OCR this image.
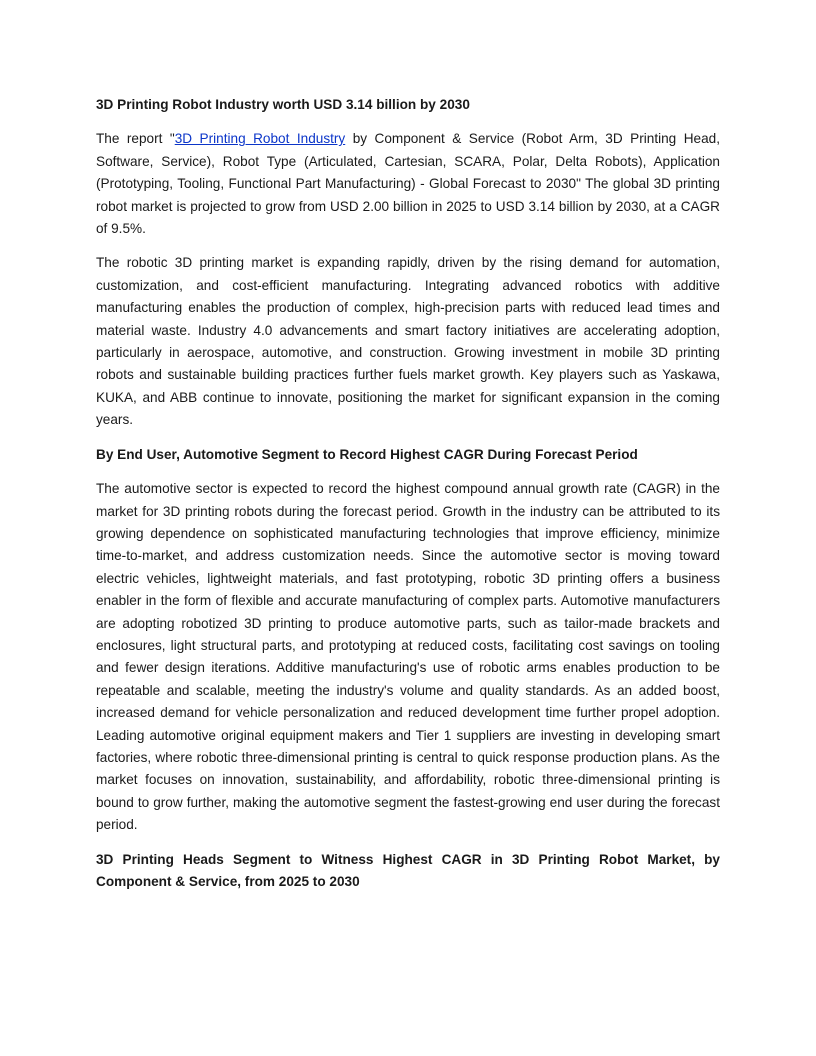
3D Printing Robot Industry worth USD 3.14 billion by 2030

The report "3D Printing Robot Industry by Component & Service (Robot Arm, 3D Printing Head, Software, Service), Robot Type (Articulated, Cartesian, SCARA, Polar, Delta Robots), Application (Prototyping, Tooling, Functional Part Manufacturing) - Global Forecast to 2030" The global 3D printing robot market is projected to grow from USD 2.00 billion in 2025 to USD 3.14 billion by 2030, at a CAGR of 9.5%.

The robotic 3D printing market is expanding rapidly, driven by the rising demand for automation, customization, and cost-efficient manufacturing. Integrating advanced robotics with additive manufacturing enables the production of complex, high-precision parts with reduced lead times and material waste. Industry 4.0 advancements and smart factory initiatives are accelerating adoption, particularly in aerospace, automotive, and construction. Growing investment in mobile 3D printing robots and sustainable building practices further fuels market growth. Key players such as Yaskawa, KUKA, and ABB continue to innovate, positioning the market for significant expansion in the coming years.

By End User, Automotive Segment to Record Highest CAGR During Forecast Period

The automotive sector is expected to record the highest compound annual growth rate (CAGR) in the market for 3D printing robots during the forecast period. Growth in the industry can be attributed to its growing dependence on sophisticated manufacturing technologies that improve efficiency, minimize time-to-market, and address customization needs. Since the automotive sector is moving toward electric vehicles, lightweight materials, and fast prototyping, robotic 3D printing offers a business enabler in the form of flexible and accurate manufacturing of complex parts. Automotive manufacturers are adopting robotized 3D printing to produce automotive parts, such as tailor-made brackets and enclosures, light structural parts, and prototyping at reduced costs, facilitating cost savings on tooling and fewer design iterations. Additive manufacturing's use of robotic arms enables production to be repeatable and scalable, meeting the industry's volume and quality standards. As an added boost, increased demand for vehicle personalization and reduced development time further propel adoption. Leading automotive original equipment makers and Tier 1 suppliers are investing in developing smart factories, where robotic three-dimensional printing is central to quick response production plans. As the market focuses on innovation, sustainability, and affordability, robotic three-dimensional printing is bound to grow further, making the automotive segment the fastest-growing end user during the forecast period.

3D Printing Heads Segment to Witness Highest CAGR in 3D Printing Robot Market, by Component & Service, from 2025 to 2030
